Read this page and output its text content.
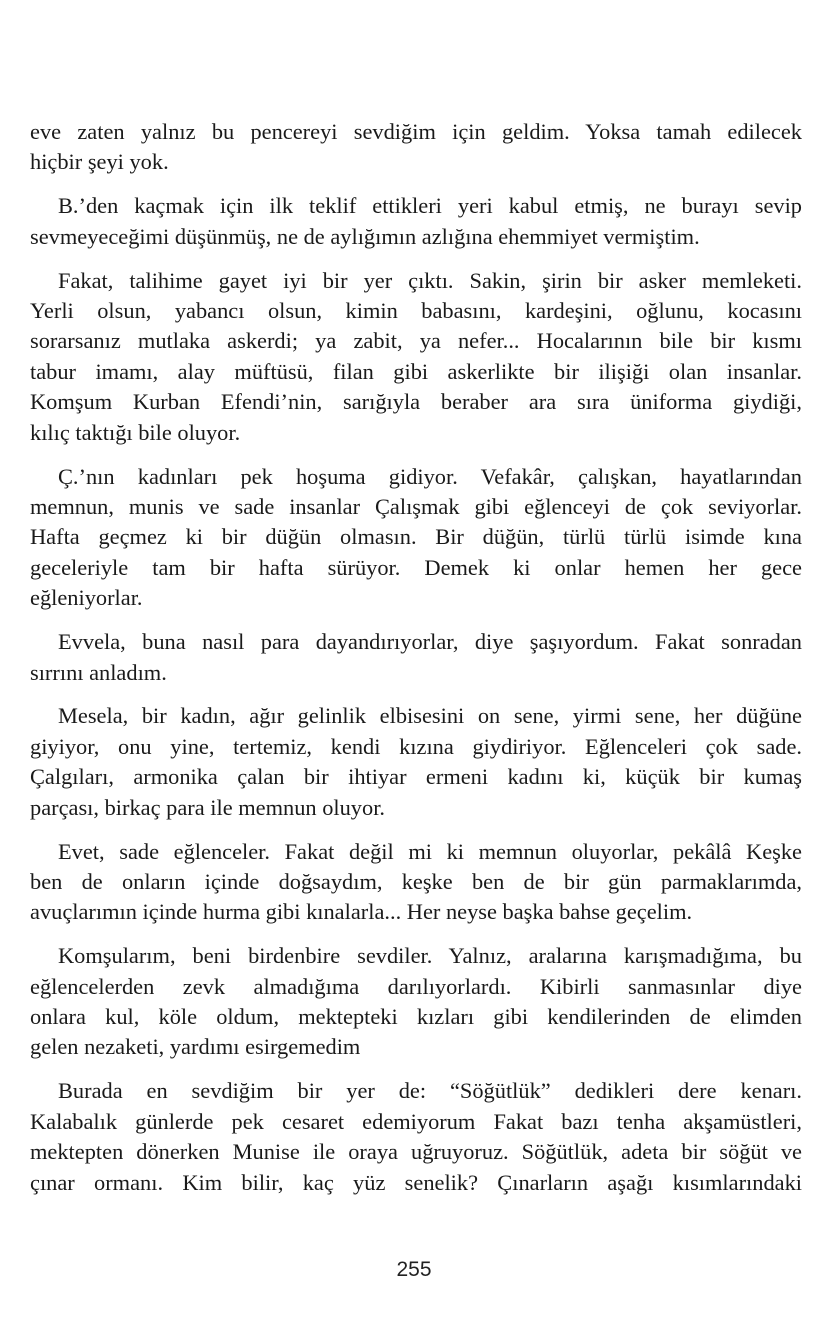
eve zaten yalnız bu pencereyi sevdiğim için geldim. Yoksa tamah edilecek
hiçbir şeyi yok.

B.’den kaçmak için ilk teklif ettikleri yeri kabul etmiş, ne burayı sevip
sevmeyeceğimi düşünmüş, ne de aylığımın azlığına ehemmiyet vermiştim.

Fakat, talihime gayet iyi bir yer çıktı. Sakin, şirin bir asker memleketi.
Yerli olsun, yabancı olsun, kimin babasını, kardeşini, oğlunu, kocasını
sorarsanız mutlaka askerdi; ya zabit, ya nefer... Hocalarının bile bir kısmı
tabur imamı, alay müftüsü, filan gibi askerlikte bir ilişiği olan insanlar.
Komşum Kurban Efendi’nin, sarığıyla beraber ara sıra üniforma giydiği,
kılıç taktığı bile oluyor.

Ç.’nın kadınları pek hoşuma gidiyor. Vefakâr, çalışkan, hayatlarından
memnun, munis ve sade insanlar Çalışmak gibi eğlenceyi de çok seviyorlar.
Hafta geçmez ki bir düğün olmasın. Bir düğün, türlü türlü isimde kına
geceleriyle tam bir hafta sürüyor. Demek ki onlar hemen her gece
eğleniyorlar.

Evvela, buna nasıl para dayandırıyorlar, diye şaşıyordum. Fakat sonradan
sırrını anladım.

Mesela, bir kadın, ağır gelinlik elbisesini on sene, yirmi sene, her düğüne
giyiyor, onu yine, tertemiz, kendi kızına giydiriyor. Eğlenceleri çok sade.
Çalgıları, armonika çalan bir ihtiyar ermeni kadını ki, küçük bir kumaş
parçası, birkaç para ile memnun oluyor.

Evet, sade eğlenceler. Fakat değil mi ki memnun oluyorlar, pekâlâ Keşke
ben de onların içinde doğsaydım, keşke ben de bir gün parmaklarımda,
avuçlarımın içinde hurma gibi kınalarla... Her neyse başka bahse geçelim.

Komşularım, beni birdenbire sevdiler. Yalnız, aralarına karışmadığıma, bu
eğlencelerden zevk almadığıma darılıyorlardı. Kibirli sanmasınlar diye
onlara kul, köle oldum, mektepteki kızları gibi kendilerinden de elimden
gelen nezaketi, yardımı esirgemedim

Burada en sevdiğim bir yer de: “Söğütlük” dedikleri dere kenarı.
Kalabalık günlerde pek cesaret edemiyorum Fakat bazı tenha akşamüstleri,
mektepten dönerken Munise ile oraya uğruyoruz. Söğütlük, adeta bir söğüt ve
çınar ormanı. Kim bilir, kaç yüz senelik? Çınarların aşağı kısımlarındaki

255
